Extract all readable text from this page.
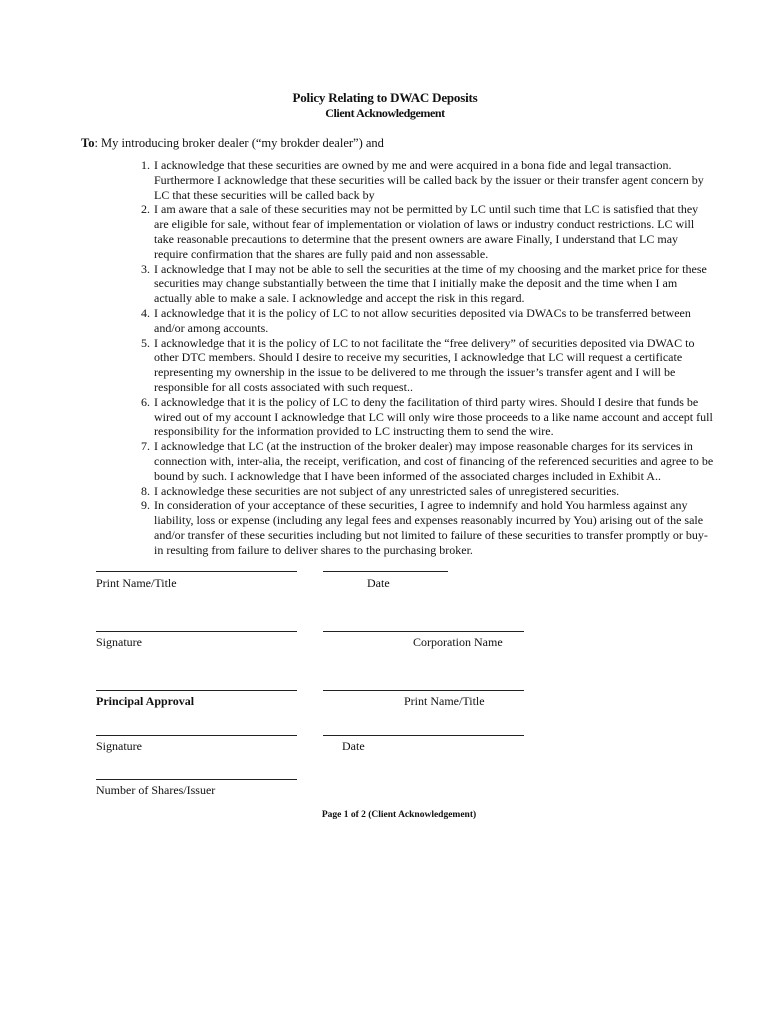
Policy Relating to DWAC Deposits
Client Acknowledgement
To: My introducing broker dealer (“my brokder dealer”) and
1. I acknowledge that these securities are owned by me and were acquired in a bona fide and legal transaction. Furthermore I acknowledge that these securities will be called back by the issuer or their transfer agent concern by LC that these securities will be called back by
2. I am aware that a sale of these securities may not be permitted by LC until such time that LC is satisfied that they are eligible for sale, without fear of implementation or violation of laws or industry conduct restrictions. LC will take reasonable precautions to determine that the present owners are aware Finally, I understand that LC may require confirmation that the shares are fully paid and non assessable.
3. I acknowledge that I may not be able to sell the securities at the time of my choosing and the market price for these securities may change substantially between the time that I initially make the deposit and the time when I am actually able to make a sale. I acknowledge and accept the risk in this regard.
4. I acknowledge that it is the policy of LC to not allow securities deposited via DWACs to be transferred between and/or among accounts.
5. I acknowledge that it is the policy of LC to not facilitate the “free delivery” of securities deposited via DWAC to other DTC members. Should I desire to receive my securities, I acknowledge that LC will request a certificate representing my ownership in the issue to be delivered to me through the issuer’s transfer agent and I will be responsible for all costs associated with such request..
6. I acknowledge that it is the policy of LC to deny the facilitation of third party wires. Should I desire that funds be wired out of my account I acknowledge that LC will only wire those proceeds to a like name account and accept full responsibility for the information provided to LC instructing them to send the wire.
7. I acknowledge that LC (at the instruction of the broker dealer) may impose reasonable charges for its services in connection with, inter-alia, the receipt, verification, and cost of financing of the referenced securities and agree to be bound by such. I acknowledge that I have been informed of the associated charges included in Exhibit A..
8. I acknowledge these securities are not subject of any unrestricted sales of unregistered securities.
9. In consideration of your acceptance of these securities, I agree to indemnify and hold You harmless against any liability, loss or expense (including any legal fees and expenses reasonably incurred by You) arising out of the sale and/or transfer of these securities including but not limited to failure of these securities to transfer promptly or buy-in resulting from failure to deliver shares to the purchasing broker.
Print Name/Title	Date
Signature	Corporation Name
Principal Approval	Print Name/Title
Signature	Date
Number of Shares/Issuer
Page 1 of 2 (Client Acknowledgement)
